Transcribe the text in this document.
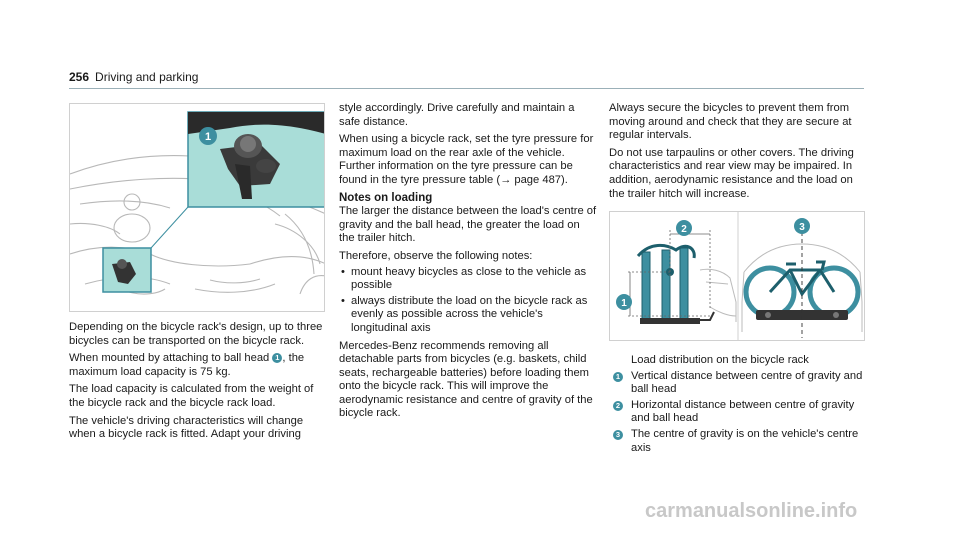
256 Driving and parking
1

Depending on the bicycle rack's design, up to three bicycles can be transported on the bicycle rack.

When mounted by attaching to ball head 1 , the maximum load capacity is 75 kg.

The load capacity is calculated from the weight of the bicycle rack and the bicycle rack load.

The vehicle's driving characteristics will change when a bicycle rack is fitted. Adapt your driving

style accordingly. Drive carefully and maintain a safe distance.

When using a bicycle rack, set the tyre pressure for maximum load on the rear axle of the vehicle. Further information on the tyre pressure can be found in the tyre pressure table (→ page 487).

Notes on loading

The larger the distance between the load's centre of gravity and the ball head, the greater the load on the trailer hitch.

Therefore, observe the following notes:

• mount heavy bicycles as close to the vehicle as possible
• always distribute the load on the bicycle rack as evenly as possible across the vehicle's longitudinal axis

Mercedes-Benz recommends removing all detachable parts from bicycles (e.g. baskets, child seats, rechargeable batteries) before loading them onto the bicycle rack. This will improve the aerodynamic resistance and centre of gravity of the bicycle rack.

Always secure the bicycles to prevent them from moving around and check that they are secure at regular intervals.

Do not use tarpaulins or other covers. The driving characteristics and rear view may be impaired. In addition, aerodynamic resistance and the load on the trailer hitch will increase.

2
1
3
Load distribution on the bicycle rack
1 Vertical distance between centre of gravity and ball head
2 Horizontal distance between centre of gravity and ball head
3 The centre of gravity is on the vehicle's centre axis
carmanualsonline.info
